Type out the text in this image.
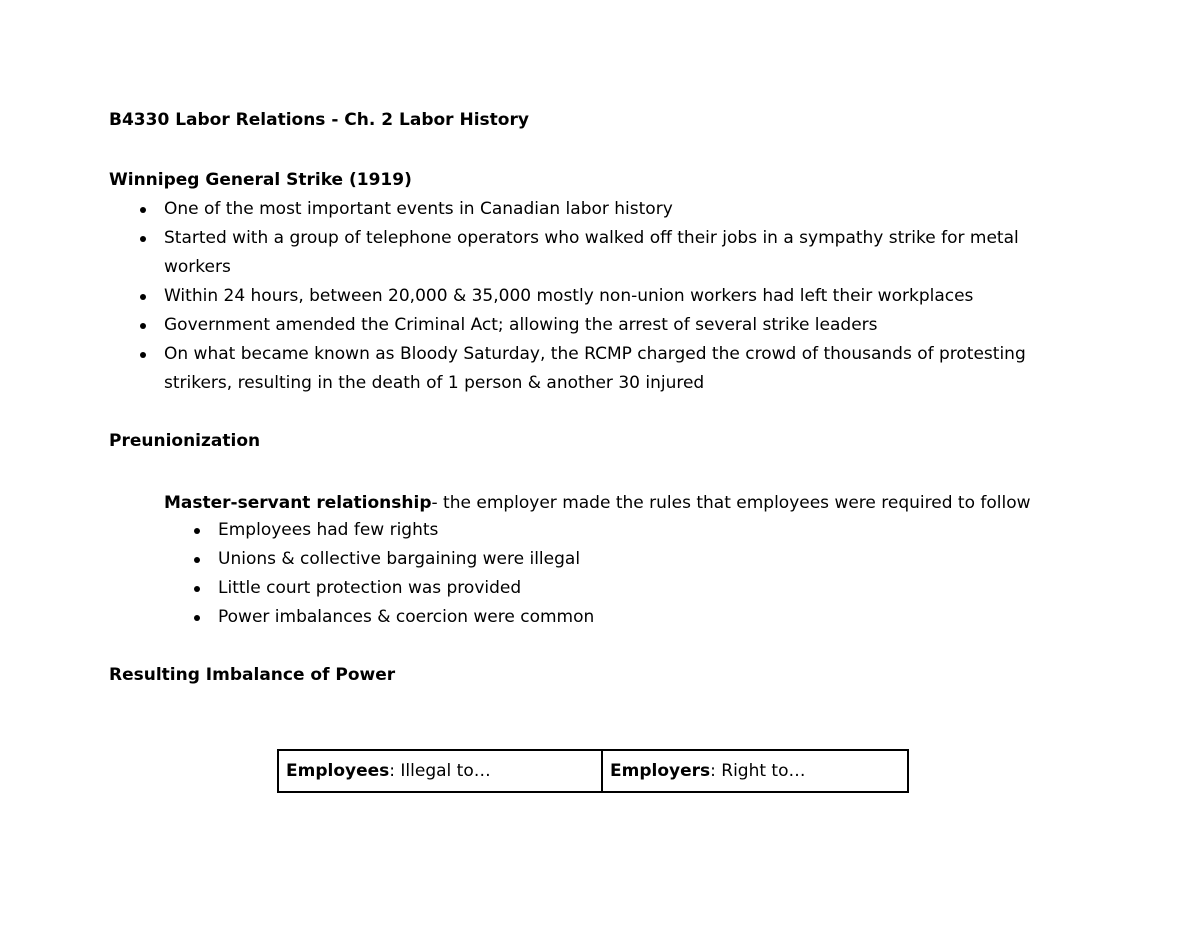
B4330 Labor Relations - Ch. 2 Labor History
Winnipeg General Strike (1919)
One of the most important events in Canadian labor history
Started with a group of telephone operators who walked off their jobs in a sympathy strike for metal workers
Within 24 hours, between 20,000 & 35,000 mostly non-union workers had left their workplaces
Government amended the Criminal Act; allowing the arrest of several strike leaders
On what became known as Bloody Saturday, the RCMP charged the crowd of thousands of protesting strikers, resulting in the death of 1 person & another 30 injured
Preunionization

Master-servant relationship- the employer made the rules that employees were required to follow

Employees had few rights
Unions & collective bargaining were illegal
Little court protection was provided
Power imbalances & coercion were common
Resulting Imbalance of Power
Employees: Illegal to…	Employers: Right to…
